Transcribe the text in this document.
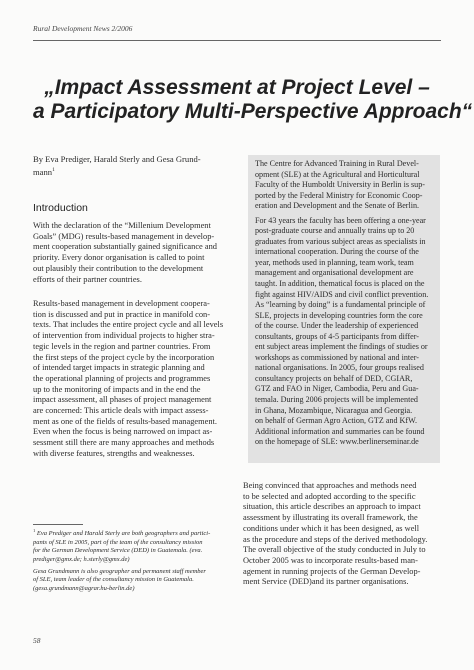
Rural Development News 2/2006
„Impact Assessment at Project Level –
a Participatory Multi-Perspective Approach“
By Eva Prediger, Harald Sterly and Gesa Grund-
mann$^1$
Introduction

With the declaration of the “Millenium Development

Goals” (MDG) results-based management in develop-

ment cooperation substantially gained significance and

priority. Every donor organisation is called to point

out plausibly their contribution to the development

efforts of their partner countries.

Results-based management in development coopera-

tion is discussed and put in practice in manifold con-

texts. That includes the entire project cycle and all levels

of intervention from individual projects to higher stra-

tegic levels in the region and partner countries. From

the first steps of the project cycle by the incorporation

of intended target impacts in strategic planning and

the operational planning of projects and programmes

up to the monitoring of impacts and in the end the

impact assessment, all phases of project management

are concerned: This article deals with impact assess-

ment as one of the fields of results-based management.

Even when the focus is being narrowed on impact as-

sessment still there are many approaches and methods

with diverse features, strengths and weaknesses.

The Centre for Advanced Training in Rural Devel-

opment (SLE) at the Agricultural and Horticultural

Faculty of the Humboldt University in Berlin is sup-

ported by the Federal Ministry for Economic Coop-

eration and Development and the Senate of Berlin.

For 43 years the faculty has been offering a one-year

post-graduate course and annually trains up to 20

graduates from various subject areas as specialists in

international cooperation. During the course of the

year, methods used in planning, team work, team

management and organisational development are

taught. In addition, thematical focus is placed on the

fight against HIV/AIDS and civil conflict prevention.

As “learning by doing” is a fundamental principle of

SLE, projects in developing countries form the core

of the course. Under the leadership of experienced

consultants, groups of 4-5 participants from differ-

ent subject areas implement the findings of studies or

workshops as commissioned by national and inter-

national organisations. In 2005, four groups realised

consultancy projects on behalf of DED, CGIAR,

GTZ and FAO in Niger, Cambodia, Peru and Gua-

temala. During 2006 projects will be implemented

in Ghana, Mozambique, Nicaragua and Georgia.

on behalf of German Agro Action, GTZ and KfW.

Additional information and summaries can be found

on the homepage of SLE: www.berlinerseminar.de

Being convinced that approaches and methods need

to be selected and adopted according to the specific

situation, this article describes an approach to impact

assessment by illustrating its overall framework, the

conditions under which it has been designed, as well

as the procedure and steps of the derived methodology.

The overall objective of the study conducted in July to

October 2005 was to incorporate results-based man-

agement in running projects of the German Develop-

ment Service (DED)and its partner organisations.

$^1$ Eva Prediger and Harald Sterly are both geographers and partici-

pants of SLE in 2005, part of the team of the consultancy mission

for the German Development Service (DED) in Guatemala. (eva.

prediger@gmx.de; h.sterly@gmx.de)

Gesa Grundmann is also geographer and permanent staff member

of SLE, team leader of the consultancy mission in Guatemala.

(gesa.grundmann@agrar.hu-berlin.de)

58
